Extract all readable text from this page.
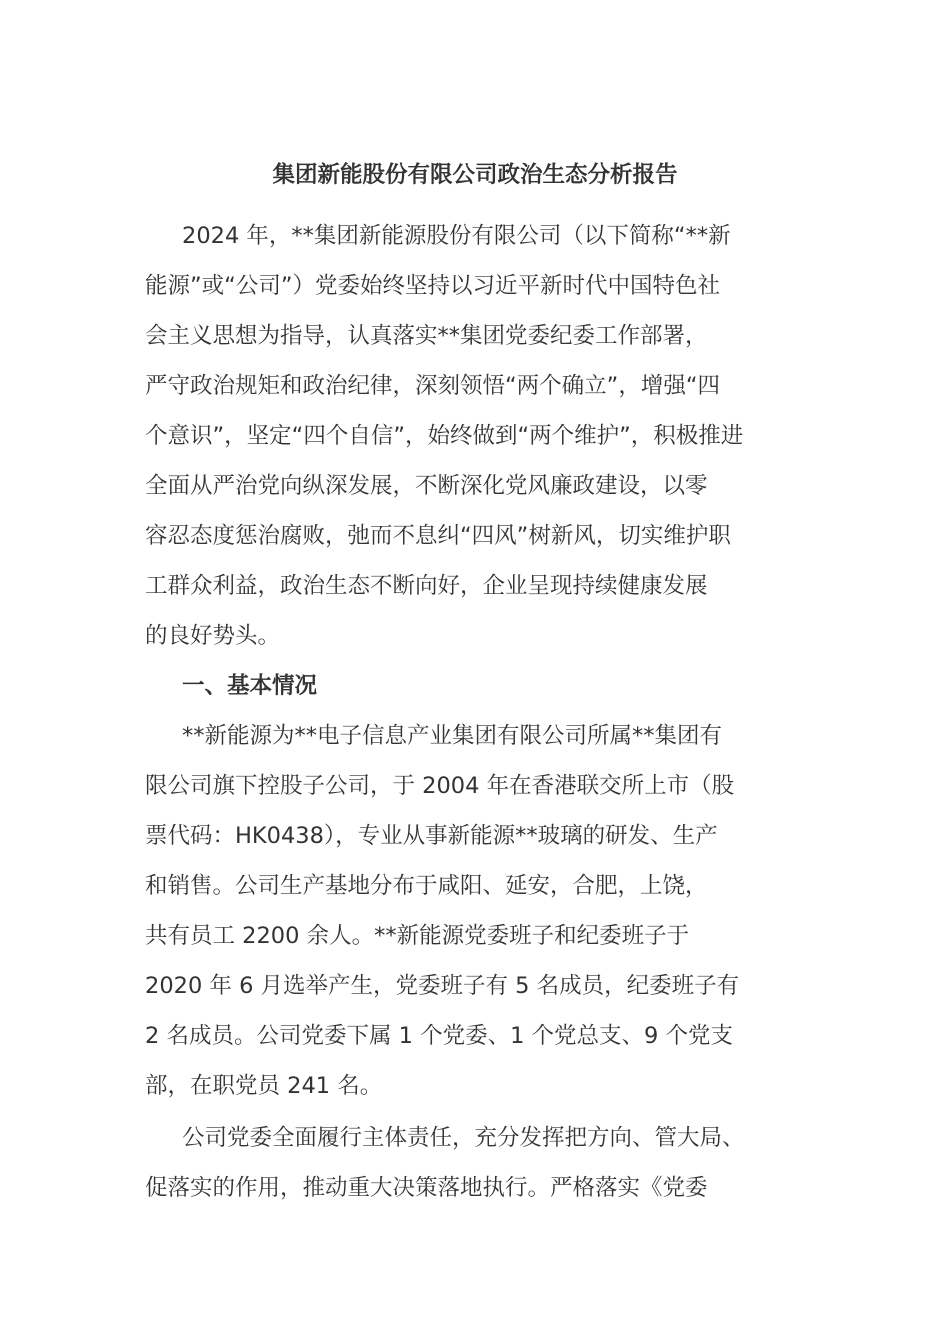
集团新能股份有限公司政治生态分析报告
2024 年，**集团新能源股份有限公司（以下简称“**新
能源”或“公司”）党委始终坚持以习近平新时代中国特色社
会主义思想为指导，认真落实**集团党委纪委工作部署，
严守政治规矩和政治纪律，深刻领悟“两个确立”，增强“四
个意识”，坚定“四个自信”，始终做到“两个维护”，积极推进
全面从严治党向纵深发展，不断深化党风廉政建设，以零
容忍态度惩治腐败，弛而不息纠“四风”树新风，切实维护职
工群众利益，政治生态不断向好，企业呈现持续健康发展
的良好势头。
一、基本情况
**新能源为**电子信息产业集团有限公司所属**集团有
限公司旗下控股子公司，于 2004 年在香港联交所上市（股
票代码：HK0438），专业从事新能源**玻璃的研发、生产
和销售。公司生产基地分布于咸阳、延安，合肥，上饶，
共有员工 2200 余人。**新能源党委班子和纪委班子于
2020 年 6 月选举产生，党委班子有 5 名成员，纪委班子有
2 名成员。公司党委下属 1 个党委、1 个党总支、9 个党支
部，在职党员 241 名。
公司党委全面履行主体责任，充分发挥把方向、管大局、
促落实的作用，推动重大决策落地执行。严格落实《党委
